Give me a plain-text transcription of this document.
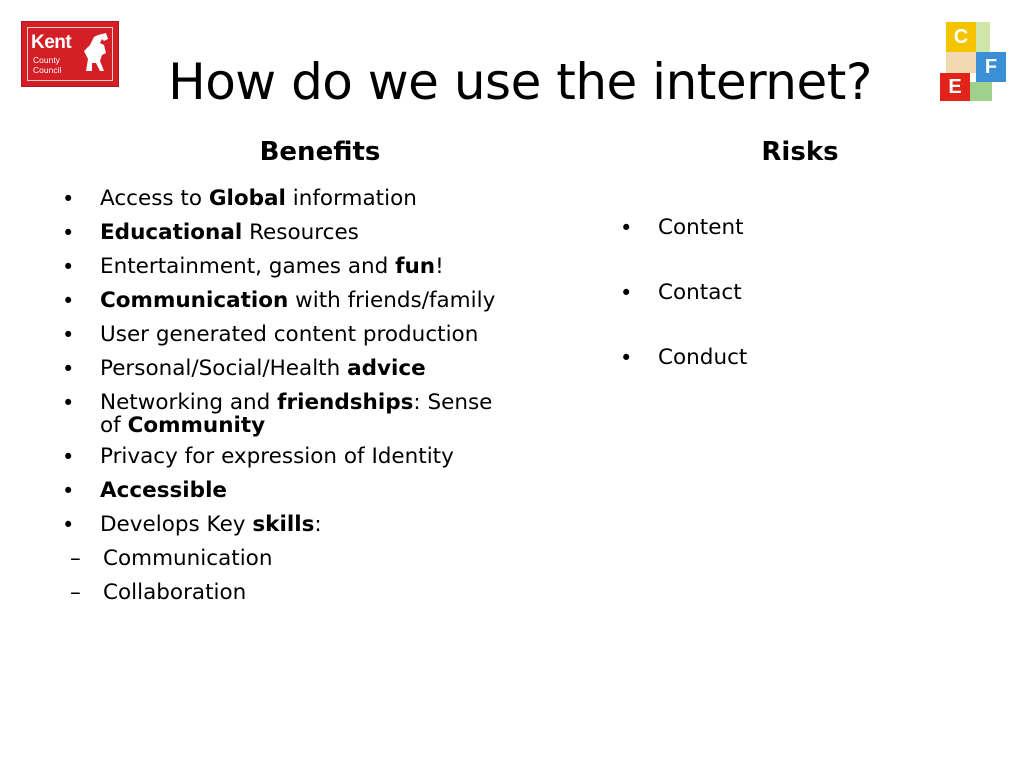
Kent
County
Council
C
F
E
How do we use the internet?
Benefits	Risks
• Access to Global information
• Educational Resources
• Entertainment, games and fun!
• Communication with friends/family
• User generated content production
• Personal/Social/Health advice
• Networking and friendships: Sense
of Community
• Privacy for expression of Identity
• Accessible
• Develops Key skills:
– Communication
– Collaboration
• Content
• Contact
• Conduct
